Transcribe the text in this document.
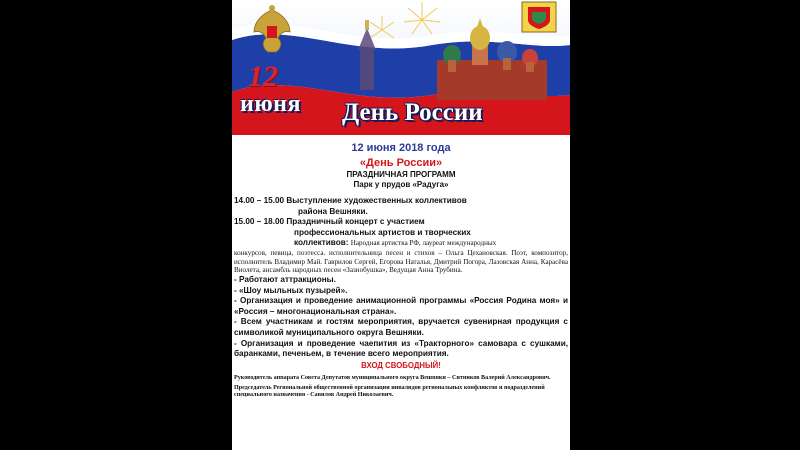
12
июня День России
12 июня 2018 года
«День России»
ПРАЗДНИЧНАЯ ПРОГРАММ
Парк у прудов «Радуга»
14.00 – 15.00 Выступление художественных коллективов
района Вешняки.
15.00 – 18.00 Праздничный концерт с участием
профессиональных артистов и творческих
коллективов: Народная артистка РФ, лауреат международных
конкурсов, певица, поэтесса. исполнительница песен и стихов – Ольга Цехановская. Поэт, композитор, исполнитель Владимир Май. Гаврилов Сергей, Егорова Наталья, Дмитрий Погора, Лазовская Анна, Карасёва Виолета, ансамбль народных песен «Зазнобушка», Ведущая Анна Трубина.
- Работают аттракционы.
- «Шоу мыльных пузырей».
- Организация и проведение анимационной программы «Россия Родина моя» и «Россия – многонациональная страна».
- Всем участникам и гостям мероприятия, вручается сувенирная продукция с символикой муниципального округа Вешняки.
- Организация и проведение чаепития из «Тракторного» самовара с сушками, баранками, печеньем, в течение всего мероприятия.
ВХОД СВОБОДНЫЙ!

Руководитель аппарата Совета Депутатов муниципального округа Вешняки – Ситников Валерий Александрович.

Председатель Региональной общественной организации инвалидов региональных конфликтов и подразделений специального назначения - Савилов Андрей Николаевич.
